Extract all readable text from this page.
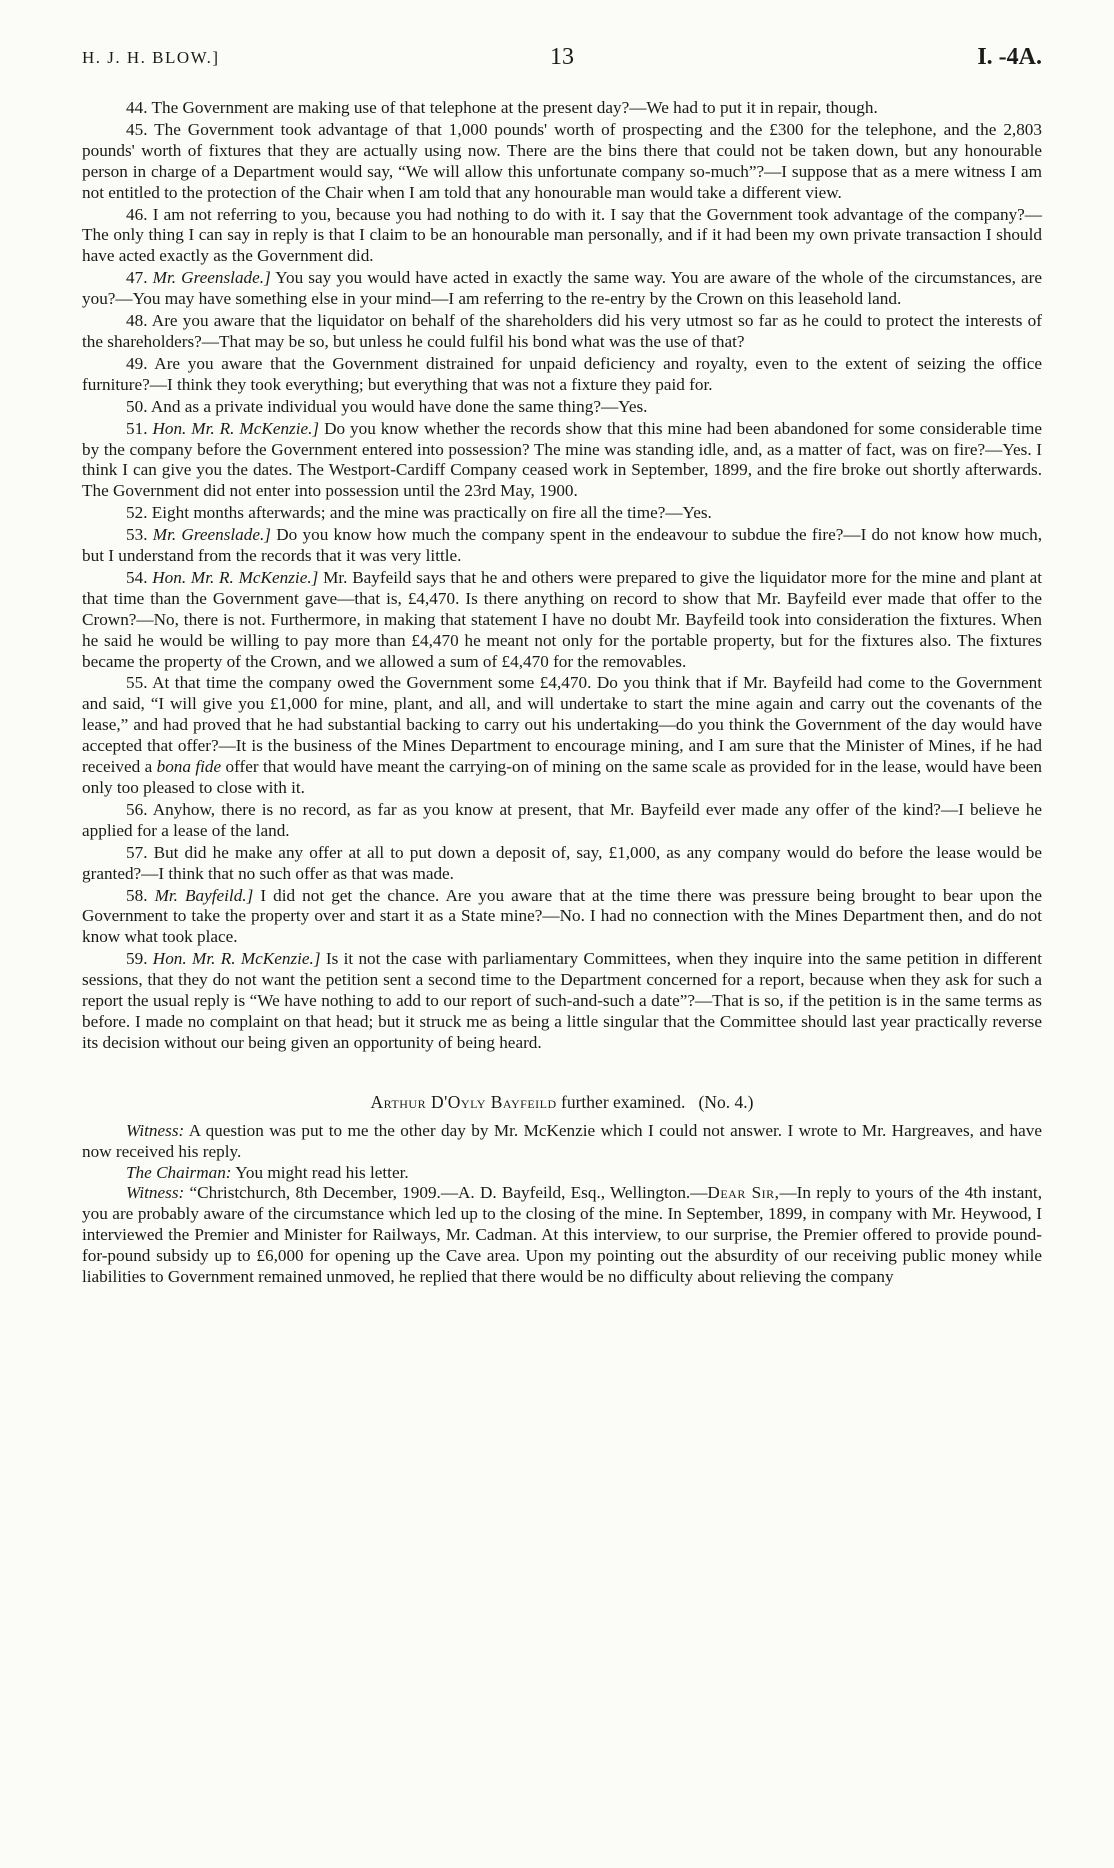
H. J. H. BLOW.]	13	I. -4A.

44. The Government are making use of that telephone at the present day?—We had to put it in repair, though.

45. The Government took advantage of that 1,000 pounds' worth of prospecting and the £300 for the telephone, and the 2,803 pounds' worth of fixtures that they are actually using now. There are the bins there that could not be taken down, but any honourable person in charge of a Department would say, “We will allow this unfortunate company so-much”?—I suppose that as a mere witness I am not entitled to the protection of the Chair when I am told that any honourable man would take a different view.

46. I am not referring to you, because you had nothing to do with it. I say that the Government took advantage of the company?—The only thing I can say in reply is that I claim to be an honourable man personally, and if it had been my own private transaction I should have acted exactly as the Government did.

47. Mr. Greenslade.] You say you would have acted in exactly the same way. You are aware of the whole of the circumstances, are you?—You may have something else in your mind—I am referring to the re-entry by the Crown on this leasehold land.

48. Are you aware that the liquidator on behalf of the shareholders did his very utmost so far as he could to protect the interests of the shareholders?—That may be so, but unless he could fulfil his bond what was the use of that?

49. Are you aware that the Government distrained for unpaid deficiency and royalty, even to the extent of seizing the office furniture?—I think they took everything; but everything that was not a fixture they paid for.

50. And as a private individual you would have done the same thing?—Yes.

51. Hon. Mr. R. McKenzie.] Do you know whether the records show that this mine had been abandoned for some considerable time by the company before the Government entered into possession? The mine was standing idle, and, as a matter of fact, was on fire?—Yes. I think I can give you the dates. The Westport-Cardiff Company ceased work in September, 1899, and the fire broke out shortly afterwards. The Government did not enter into possession until the 23rd May, 1900.

52. Eight months afterwards; and the mine was practically on fire all the time?—Yes.

53. Mr. Greenslade.] Do you know how much the company spent in the endeavour to subdue the fire?—I do not know how much, but I understand from the records that it was very little.

54. Hon. Mr. R. McKenzie.] Mr. Bayfeild says that he and others were prepared to give the liquidator more for the mine and plant at that time than the Government gave—that is, £4,470. Is there anything on record to show that Mr. Bayfeild ever made that offer to the Crown?—No, there is not. Furthermore, in making that statement I have no doubt Mr. Bayfeild took into consideration the fixtures. When he said he would be willing to pay more than £4,470 he meant not only for the portable property, but for the fixtures also. The fixtures became the property of the Crown, and we allowed a sum of £4,470 for the removables.

55. At that time the company owed the Government some £4,470. Do you think that if Mr. Bayfeild had come to the Government and said, “I will give you £1,000 for mine, plant, and all, and will undertake to start the mine again and carry out the covenants of the lease,” and had proved that he had substantial backing to carry out his undertaking—do you think the Government of the day would have accepted that offer?—It is the business of the Mines Department to encourage mining, and I am sure that the Minister of Mines, if he had received a bona fide offer that would have meant the carrying-on of mining on the same scale as provided for in the lease, would have been only too pleased to close with it.

56. Anyhow, there is no record, as far as you know at present, that Mr. Bayfeild ever made any offer of the kind?—I believe he applied for a lease of the land.

57. But did he make any offer at all to put down a deposit of, say, £1,000, as any company would do before the lease would be granted?—I think that no such offer as that was made.

58. Mr. Bayfeild.] I did not get the chance. Are you aware that at the time there was pressure being brought to bear upon the Government to take the property over and start it as a State mine?—No. I had no connection with the Mines Department then, and do not know what took place.

59. Hon. Mr. R. McKenzie.] Is it not the case with parliamentary Committees, when they inquire into the same petition in different sessions, that they do not want the petition sent a second time to the Department concerned for a report, because when they ask for such a report the usual reply is “We have nothing to add to our report of such-and-such a date”?—That is so, if the petition is in the same terms as before. I made no complaint on that head; but it struck me as being a little singular that the Committee should last year practically reverse its decision without our being given an opportunity of being heard.

Arthur D'Oyly Bayfeild further examined. (No. 4.)

Witness: A question was put to me the other day by Mr. McKenzie which I could not answer. I wrote to Mr. Hargreaves, and have now received his reply.

The Chairman: You might read his letter.

Witness: “Christchurch, 8th December, 1909.—A. D. Bayfeild, Esq., Wellington.—Dear Sir,—In reply to yours of the 4th instant, you are probably aware of the circumstance which led up to the closing of the mine. In September, 1899, in company with Mr. Heywood, I interviewed the Premier and Minister for Railways, Mr. Cadman. At this interview, to our surprise, the Premier offered to provide pound-for-pound subsidy up to £6,000 for opening up the Cave area. Upon my pointing out the absurdity of our receiving public money while liabilities to Government remained unmoved, he replied that there would be no difficulty about relieving the company
